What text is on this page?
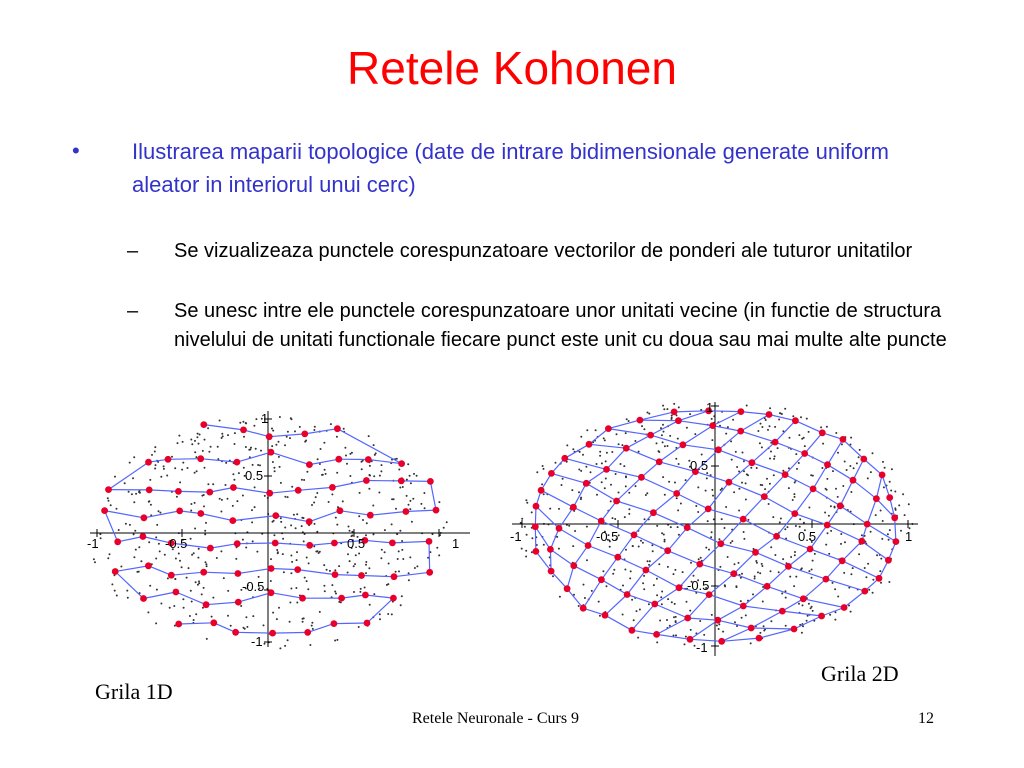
Retele Kohonen
• Ilustrarea maparii topologice (date de intrare bidimensionale generate uniform aleator in interiorul unui cerc)

– Se vizualizeaza punctele corespunzatoare vectorilor de ponderi ale tuturor unitatilor

– Se unesc intre ele punctele corespunzatoare unor unitati vecine (in functie de structura nivelului de unitati functionale fiecare punct este unit cu doua sau mai multe alte puncte

-1	-0.5	0.5	1
1
0.5
-0.5
-1
-1	-0.5	0.5	1
1
0.5
-0.5
-1
Grila 1D
Grila 2D
Retele Neuronale - Curs 9	12
